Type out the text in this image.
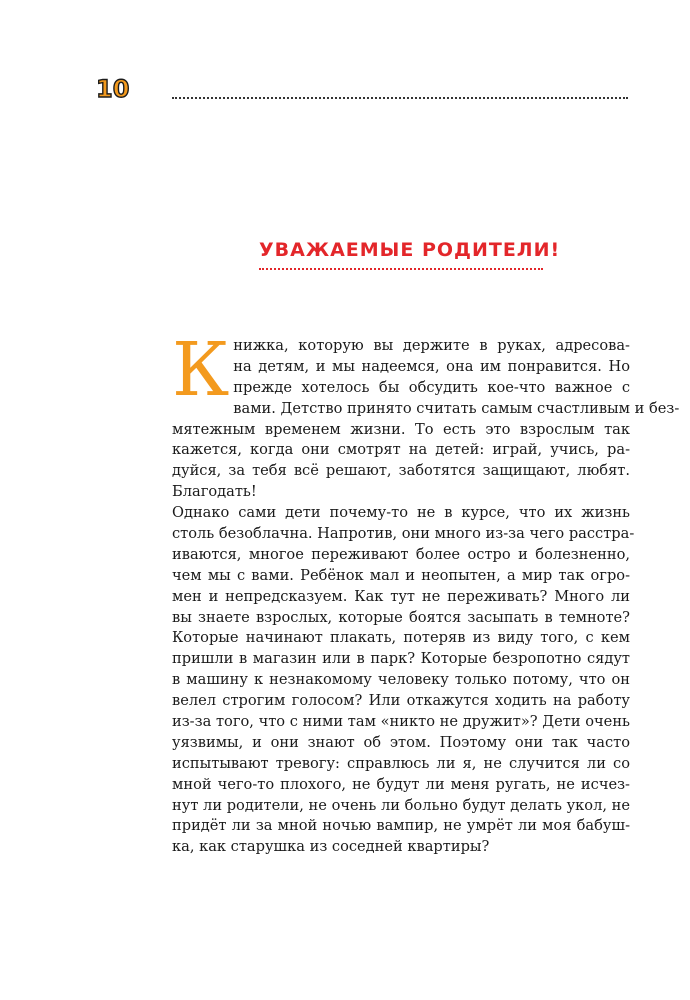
10
УВАЖАЕМЫЕ РОДИТЕЛИ!
К нижка, которую вы держите в руках, адресова-
на детям, и мы надеемся, она им понравится. Но
прежде хотелось бы обсудить кое-что важное с
вами. Детство принято считать самым счастливым и без-
мятежным временем жизни. То есть это взрослым так
кажется, когда они смотрят на детей: играй, учись, ра-
дуйся, за тебя всё решают, заботятся защищают, любят.
Благодать!
Однако сами дети почему-то не в курсе, что их жизнь
столь безоблачна. Напротив, они много из-за чего расстра-
иваются, многое переживают более остро и болезненно,
чем мы с вами. Ребёнок мал и неопытен, а мир так огро-
мен и непредсказуем. Как тут не переживать? Много ли
вы знаете взрослых, которые боятся засыпать в темноте?
Которые начинают плакать, потеряв из виду того, с кем
пришли в магазин или в парк? Которые безропотно сядут
в машину к незнакомому человеку только потому, что он
велел строгим голосом? Или откажутся ходить на работу
из-за того, что с ними там «никто не дружит»? Дети очень
уязвимы, и они знают об этом. Поэтому они так часто
испытывают тревогу: справлюсь ли я, не случится ли со
мной чего-то плохого, не будут ли меня ругать, не исчез-
нут ли родители, не очень ли больно будут делать укол, не
придёт ли за мной ночью вампир, не умрёт ли моя бабуш-
ка, как старушка из соседней квартиры?
